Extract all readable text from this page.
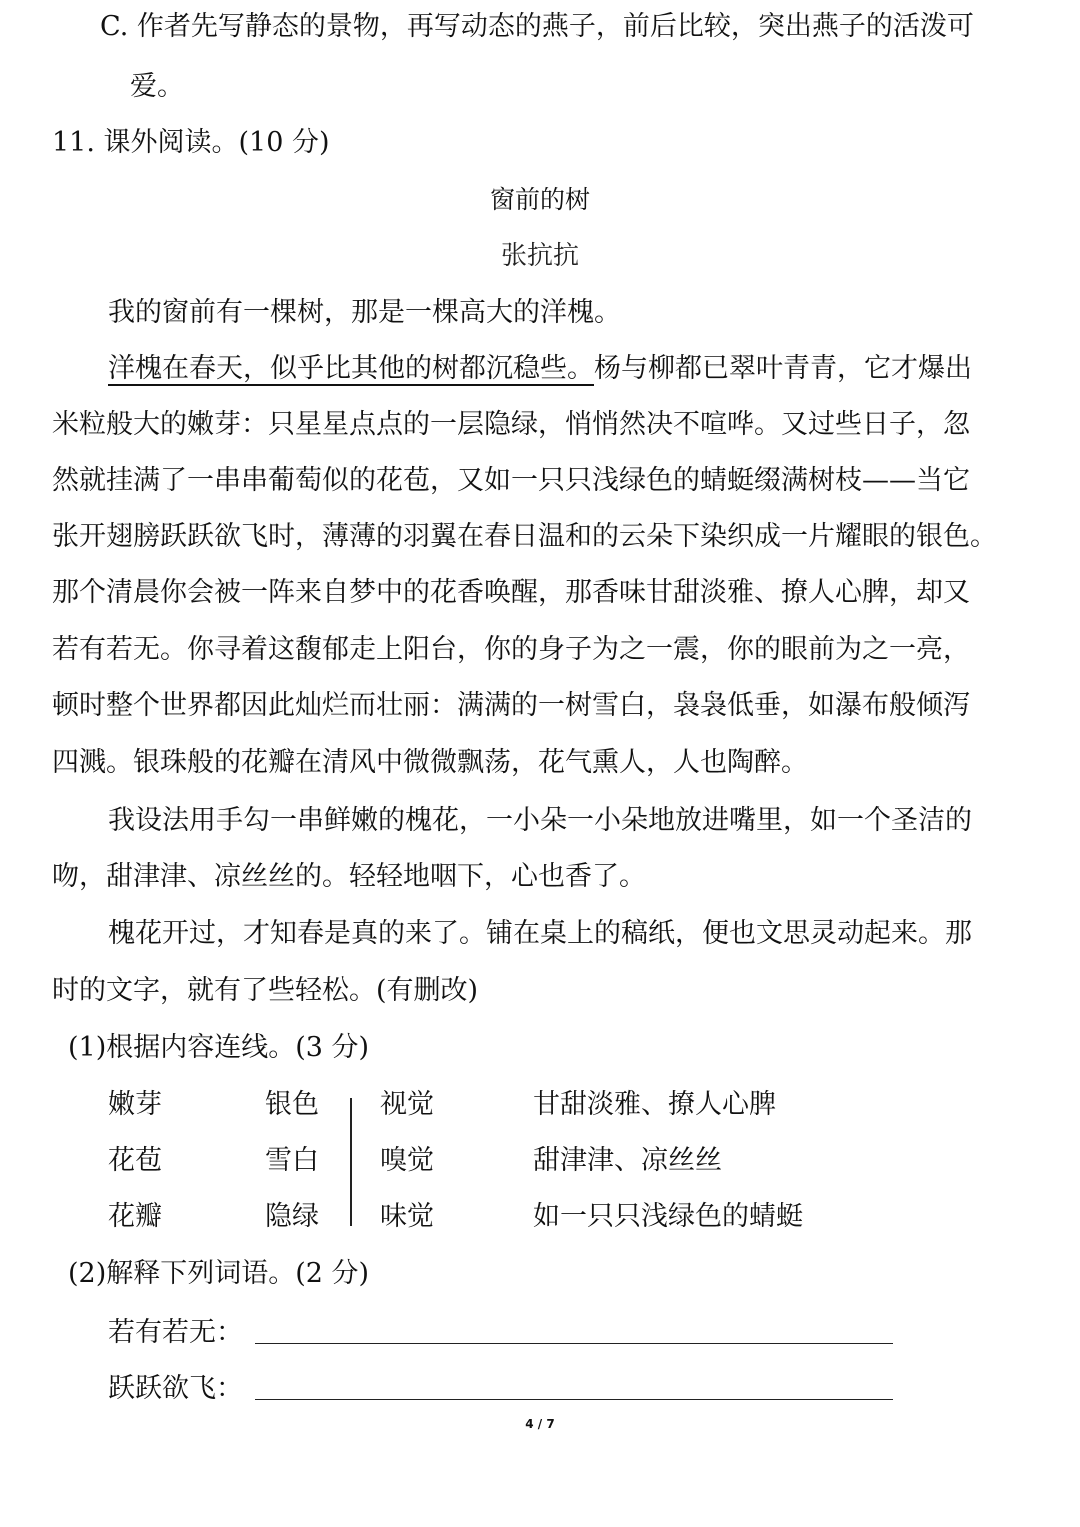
C. 作者先写静态的景物，再写动态的燕子，前后比较，突出燕子的活泼可
爱。
11. 课外阅读。(10 分)
窗前的树
张抗抗
我的窗前有一棵树，那是一棵高大的洋槐。
洋槐在春天，似乎比其他的树都沉稳些。杨与柳都已翠叶青青，它才爆出
米粒般大的嫩芽：只星星点点的一层隐绿，悄悄然决不喧哗。又过些日子，忽
然就挂满了一串串葡萄似的花苞，又如一只只浅绿色的蜻蜓缀满树枝——当它
张开翅膀跃跃欲飞时，薄薄的羽翼在春日温和的云朵下染织成一片耀眼的银色。
那个清晨你会被一阵来自梦中的花香唤醒，那香味甘甜淡雅、撩人心脾，却又
若有若无。你寻着这馥郁走上阳台，你的身子为之一震，你的眼前为之一亮，
顿时整个世界都因此灿烂而壮丽：满满的一树雪白，袅袅低垂，如瀑布般倾泻
四溅。银珠般的花瓣在清风中微微飘荡，花气熏人，人也陶醉。
我设法用手勾一串鲜嫩的槐花，一小朵一小朵地放进嘴里，如一个圣洁的
吻，甜津津、凉丝丝的。轻轻地咽下，心也香了。
槐花开过，才知春是真的来了。铺在桌上的稿纸，便也文思灵动起来。那
时的文字，就有了些轻松。(有删改)
(1)根据内容连线。(3 分)
嫩芽
花苞
花瓣
银色
雪白
隐绿
视觉
嗅觉
味觉
甘甜淡雅、撩人心脾
甜津津、凉丝丝
如一只只浅绿色的蜻蜓
(2)解释下列词语。(2 分)
若有若无：
跃跃欲飞：
4 / 7
